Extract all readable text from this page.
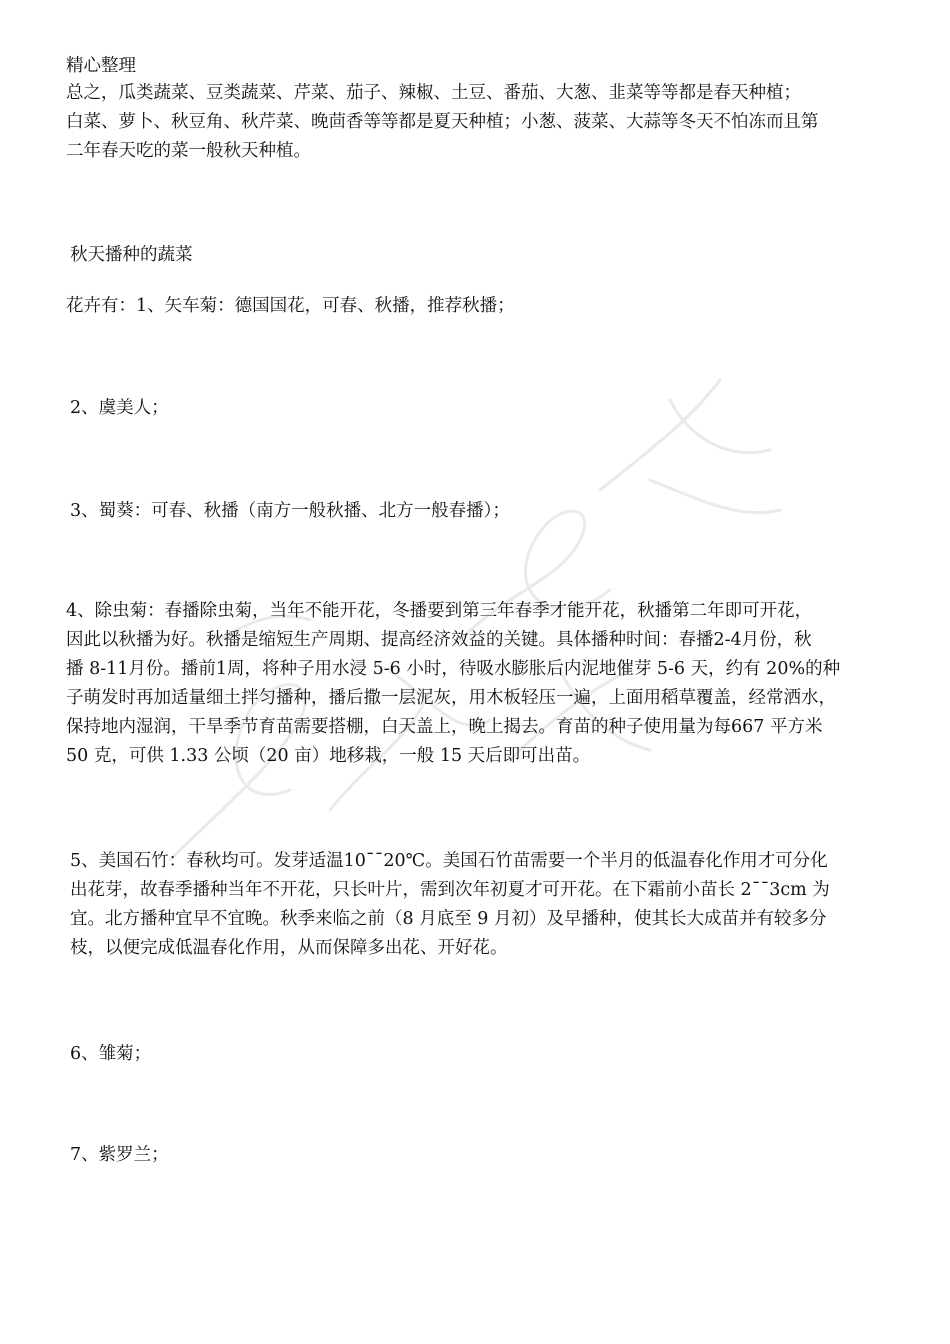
精心整理
总之，瓜类蔬菜、豆类蔬菜、芹菜、茄子、辣椒、土豆、番茄、大葱、韭菜等等都是春天种植；
白菜、萝卜、秋豆角、秋芹菜、晚茴香等等都是夏天种植；小葱、菠菜、大蒜等冬天不怕冻而且第
二年春天吃的菜一般秋天种植。
秋天播种的蔬菜
花卉有：1、矢车菊：德国国花，可春、秋播，推荐秋播；
2、虞美人；
3、蜀葵：可春、秋播（南方一般秋播、北方一般春播）；
4、除虫菊：春播除虫菊，当年不能开花，冬播要到第三年春季才能开花，秋播第二年即可开花，
因此以秋播为好。秋播是缩短生产周期、提高经济效益的关键。具体播种时间：春播2-4月份，秋
播 8-11月份。播前1周，将种子用水浸 5-6 小时，待吸水膨胀后内泥地催芽 5-6 天，约有 20%的种
子萌发时再加适量细土拌匀播种，播后撒一层泥灰，用木板轻压一遍，上面用稻草覆盖，经常洒水，
保持地内湿润，干旱季节育苗需要搭棚，白天盖上，晚上揭去。育苗的种子使用量为每667 平方米
50 克，可供 1.33 公顷（20 亩）地移栽，一般 15 天后即可出苗。
5、美国石竹：春秋均可。发芽适温10¯¯20℃。美国石竹苗需要一个半月的低温春化作用才可分化
出花芽，故春季播种当年不开花，只长叶片，需到次年初夏才可开花。在下霜前小苗长 2¯¯3cm 为
宜。北方播种宜早不宜晚。秋季来临之前（8 月底至 9 月初）及早播种，使其长大成苗并有较多分
枝，以便完成低温春化作用，从而保障多出花、开好花。
6、雏菊；
7、紫罗兰；
